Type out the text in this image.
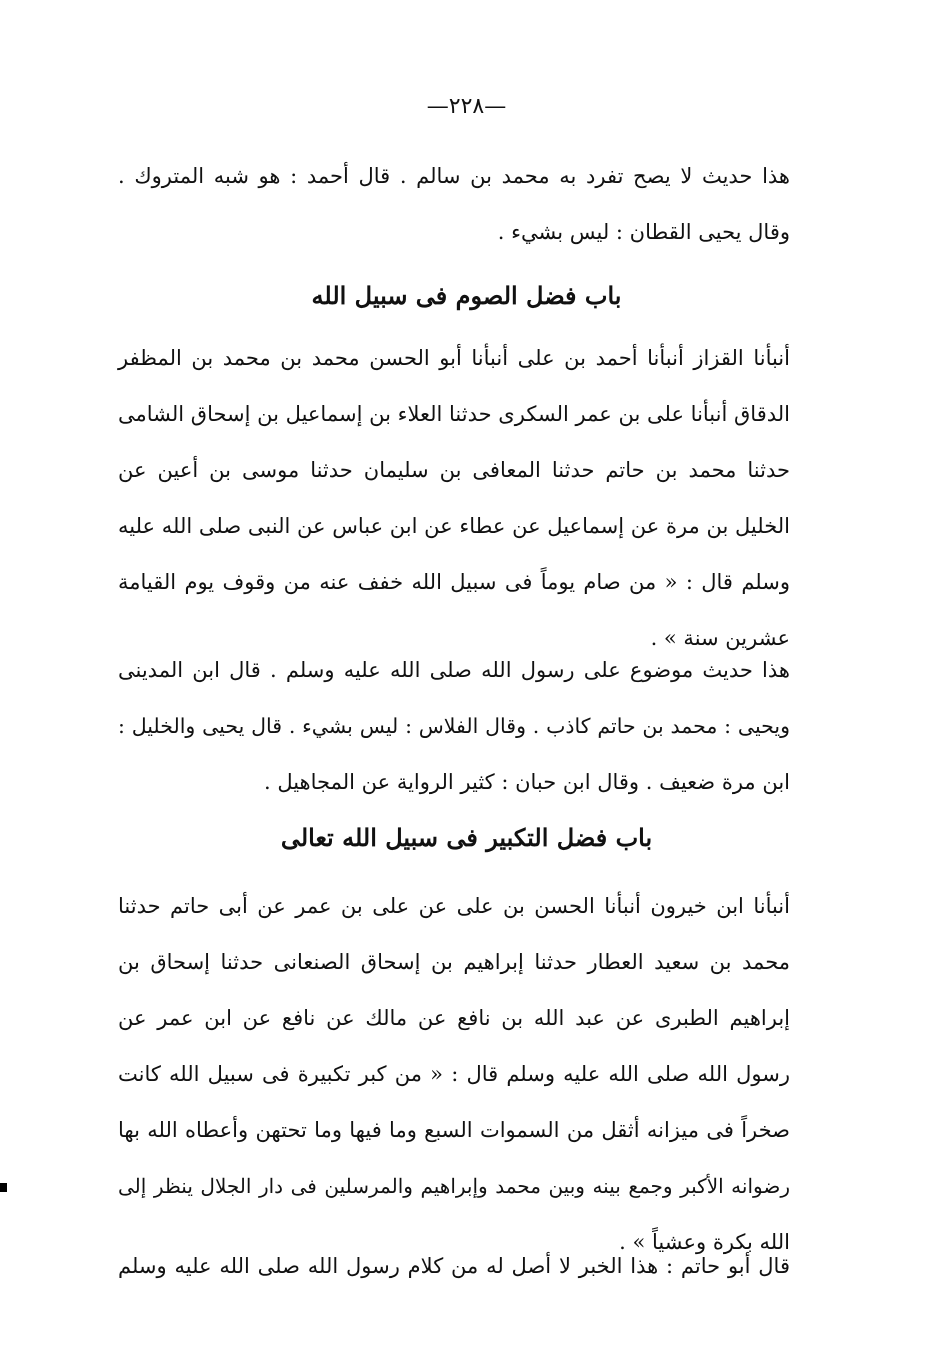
—٢٢٨—
هذا حديث لا يصح تفرد به محمد بن سالم . قال أحمد : هو شبه المتروك .
وقال يحيى القطان : ليس بشيء .
باب فضل الصوم فى سبيل الله
أنبأنا القزاز أنبأنا أحمد بن على أنبأنا أبو الحسن محمد بن محمد بن المظفر
الدقاق أنبأنا على بن عمر السكرى حدثنا العلاء بن إسماعيل بن إسحاق الشامى
حدثنا محمد بن حاتم حدثنا المعافى بن سليمان حدثنا موسى بن أعين عن
الخليل بن مرة عن إسماعيل عن عطاء عن ابن عباس عن النبى صلى الله عليه
وسلم قال : « من صام يوماً فى سبيل الله خفف عنه من وقوف يوم القيامة
عشرين سنة » .
هذا حديث موضوع على رسول الله صلى الله عليه وسلم . قال ابن المدينى
ويحيى : محمد بن حاتم كاذب . وقال الفلاس : ليس بشيء . قال يحيى والخليل :
ابن مرة ضعيف . وقال ابن حبان : كثير الرواية عن المجاهيل .
باب فضل التكبير فى سبيل الله تعالى
أنبأنا ابن خيرون أنبأنا الحسن بن على عن على بن عمر عن أبى حاتم حدثنا
محمد بن سعيد العطار حدثنا إبراهيم بن إسحاق الصنعانى حدثنا إسحاق بن
إبراهيم الطبرى عن عبد الله بن نافع عن مالك عن نافع عن ابن عمر عن
رسول الله صلى الله عليه وسلم قال : « من كبر تكبيرة فى سبيل الله كانت
صخراً فى ميزانه أثقل من السموات السبع وما فيها وما تحتهن وأعطاه الله بها
رضوانه الأكبر وجمع بينه وبين محمد وإبراهيم والمرسلين فى دار الجلال ينظر إلى
الله بكرة وعشياً » .
قال أبو حاتم : هذا الخبر لا أصل له من كلام رسول الله صلى الله عليه وسلم
